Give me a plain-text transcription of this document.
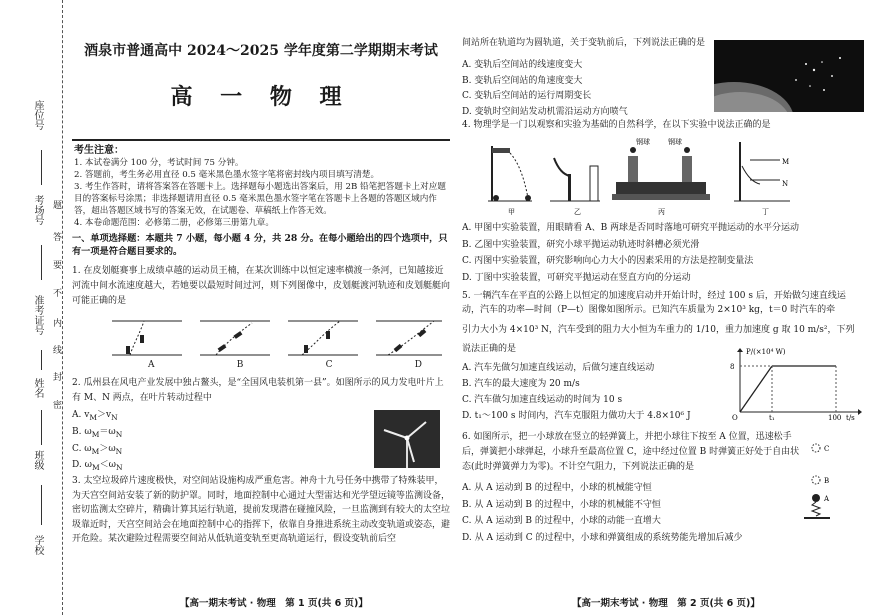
座位号
考场号
准考证号
姓名
班级
学校
题
答
要
不
内
线
封
密
酒泉市普通高中 2024～2025 学年度第二学期期末考试
高 一 物 理
考生注意：
1. 本试卷满分 100 分，考试时间 75 分钟。
2. 答题前，考生务必用直径 0.5 毫米黑色墨水签字笔将密封线内项目填写清楚。
3. 考生作答时，请将答案答在答题卡上。选择题每小题选出答案后，用 2B 铅笔把答题卡上对应题目的答案标号涂黑；非选择题请用直径 0.5 毫米黑色墨水签字笔在答题卡上各题的答题区域内作答，超出答题区域书写的答案无效，在试题卷、草稿纸上作答无效。
4. 本卷命题范围：必修第二册，必修第三册第九章。
一、单项选择题：本题共 7 小题，每小题 4 分，共 28 分。在每小题给出的四个选项中，只有一项是符合题目要求的。
1. 在皮划艇赛事上成绩卓越的运动员王楠，在某次训练中以恒定速率横渡一条河，已知越接近河流中间水流速度越大，若她要以最短时间过河，则下列图像中，皮划艇渡河轨迹和皮划艇艇向可能正确的是
A	B	C	D
2. 瓜州县在风电产业发展中独占鳌头，是“全国风电装机第一县”。如图所示的风力发电叶片上有 M、N 两点，在叶片转动过程中
A. $v_M>v_N$
B. $\omega_M=\omega_N$
C. $\omega_M>\omega_N$
D. $\omega_M<\omega_N$
3. 太空垃圾碎片速度极快，对空间站设施构成严重危害。神舟十九号任务中携带了特殊装甲，为天宫空间站安装了新的防护罩。同时，地面控制中心通过大型雷达和光学望远镜等监测设备，密切监测太空碎片，精确计算其运行轨道，提前发现潜在碰撞风险，一旦监测到有较大的太空垃圾靠近时，天宫空间站会在地面控制中心的指挥下，依靠自身推进系统主动改变轨道或姿态，避开危险。某次避险过程需要空间站从低轨道变轨至更高轨道运行，假设变轨前后空
【高一期末考试 · 物理　第 1 页(共 6 页)】
间站所在轨道均为圆轨道，关于变轨前后，下列说法正确的是
A. 变轨后空间站的线速度变大
B. 变轨后空间站的角速度变大
C. 变轨后空间站的运行周期变长
D. 变轨时空间站发动机需沿运动方向喷气
4. 物理学是一门以观察和实验为基础的自然科学，在以下实验中说法正确的是
钢球	钢球
M
N
甲	乙	丙	丁
A. 甲图中实验装置，用眼睛看 A、B 两球是否同时落地可研究平抛运动的水平分运动
B. 乙图中实验装置，研究小球平抛运动轨迹时斜槽必须光滑
C. 丙图中实验装置，研究影响向心力大小的因素采用的方法是控制变量法
D. 丁图中实验装置，可研究平抛运动在竖直方向的分运动
5. 一辆汽车在平直的公路上以恒定的加速度启动并开始计时，经过 100 s 后，开始做匀速直线运动，汽车的功率—时间（P—t）图像如图所示。已知汽车质量为 2×10³ kg，t＝0 时汽车的牵
引力大小为 4×10³ N，汽车受到的阻力大小恒为车重力的 1/10，重力加速度 g 取 10 m/s²，下列
说法正确的是
A. 汽车先做匀加速直线运动，后做匀速直线运动
B. 汽车的最大速度为 20 m/s
C. 汽车做匀加速直线运动的时间为 10 s
D. t₁～100 s 时间内，汽车克服阻力做功大于 4.8×10⁶ J
P/(×10⁴ W)
8
O	t₁	100 t/s
6. 如图所示，把一小球放在竖立的轻弹簧上，并把小球往下按至 A 位置，迅速松手后，弹簧把小球弹起，小球升至最高位置 C，途中经过位置 B 时弹簧正好处于自由状态(此时弹簧弹力为零)。不计空气阻力，下列说法正确的是
A. 从 A 运动到 B 的过程中，小球的机械能守恒
B. 从 A 运动到 B 的过程中，小球的机械能不守恒
C. 从 A 运动到 B 的过程中，小球的动能一直增大
D. 从 A 运动到 C 的过程中，小球和弹簧组成的系统势能先增加后减少
C
B
A
【高一期末考试 · 物理　第 2 页(共 6 页)】
